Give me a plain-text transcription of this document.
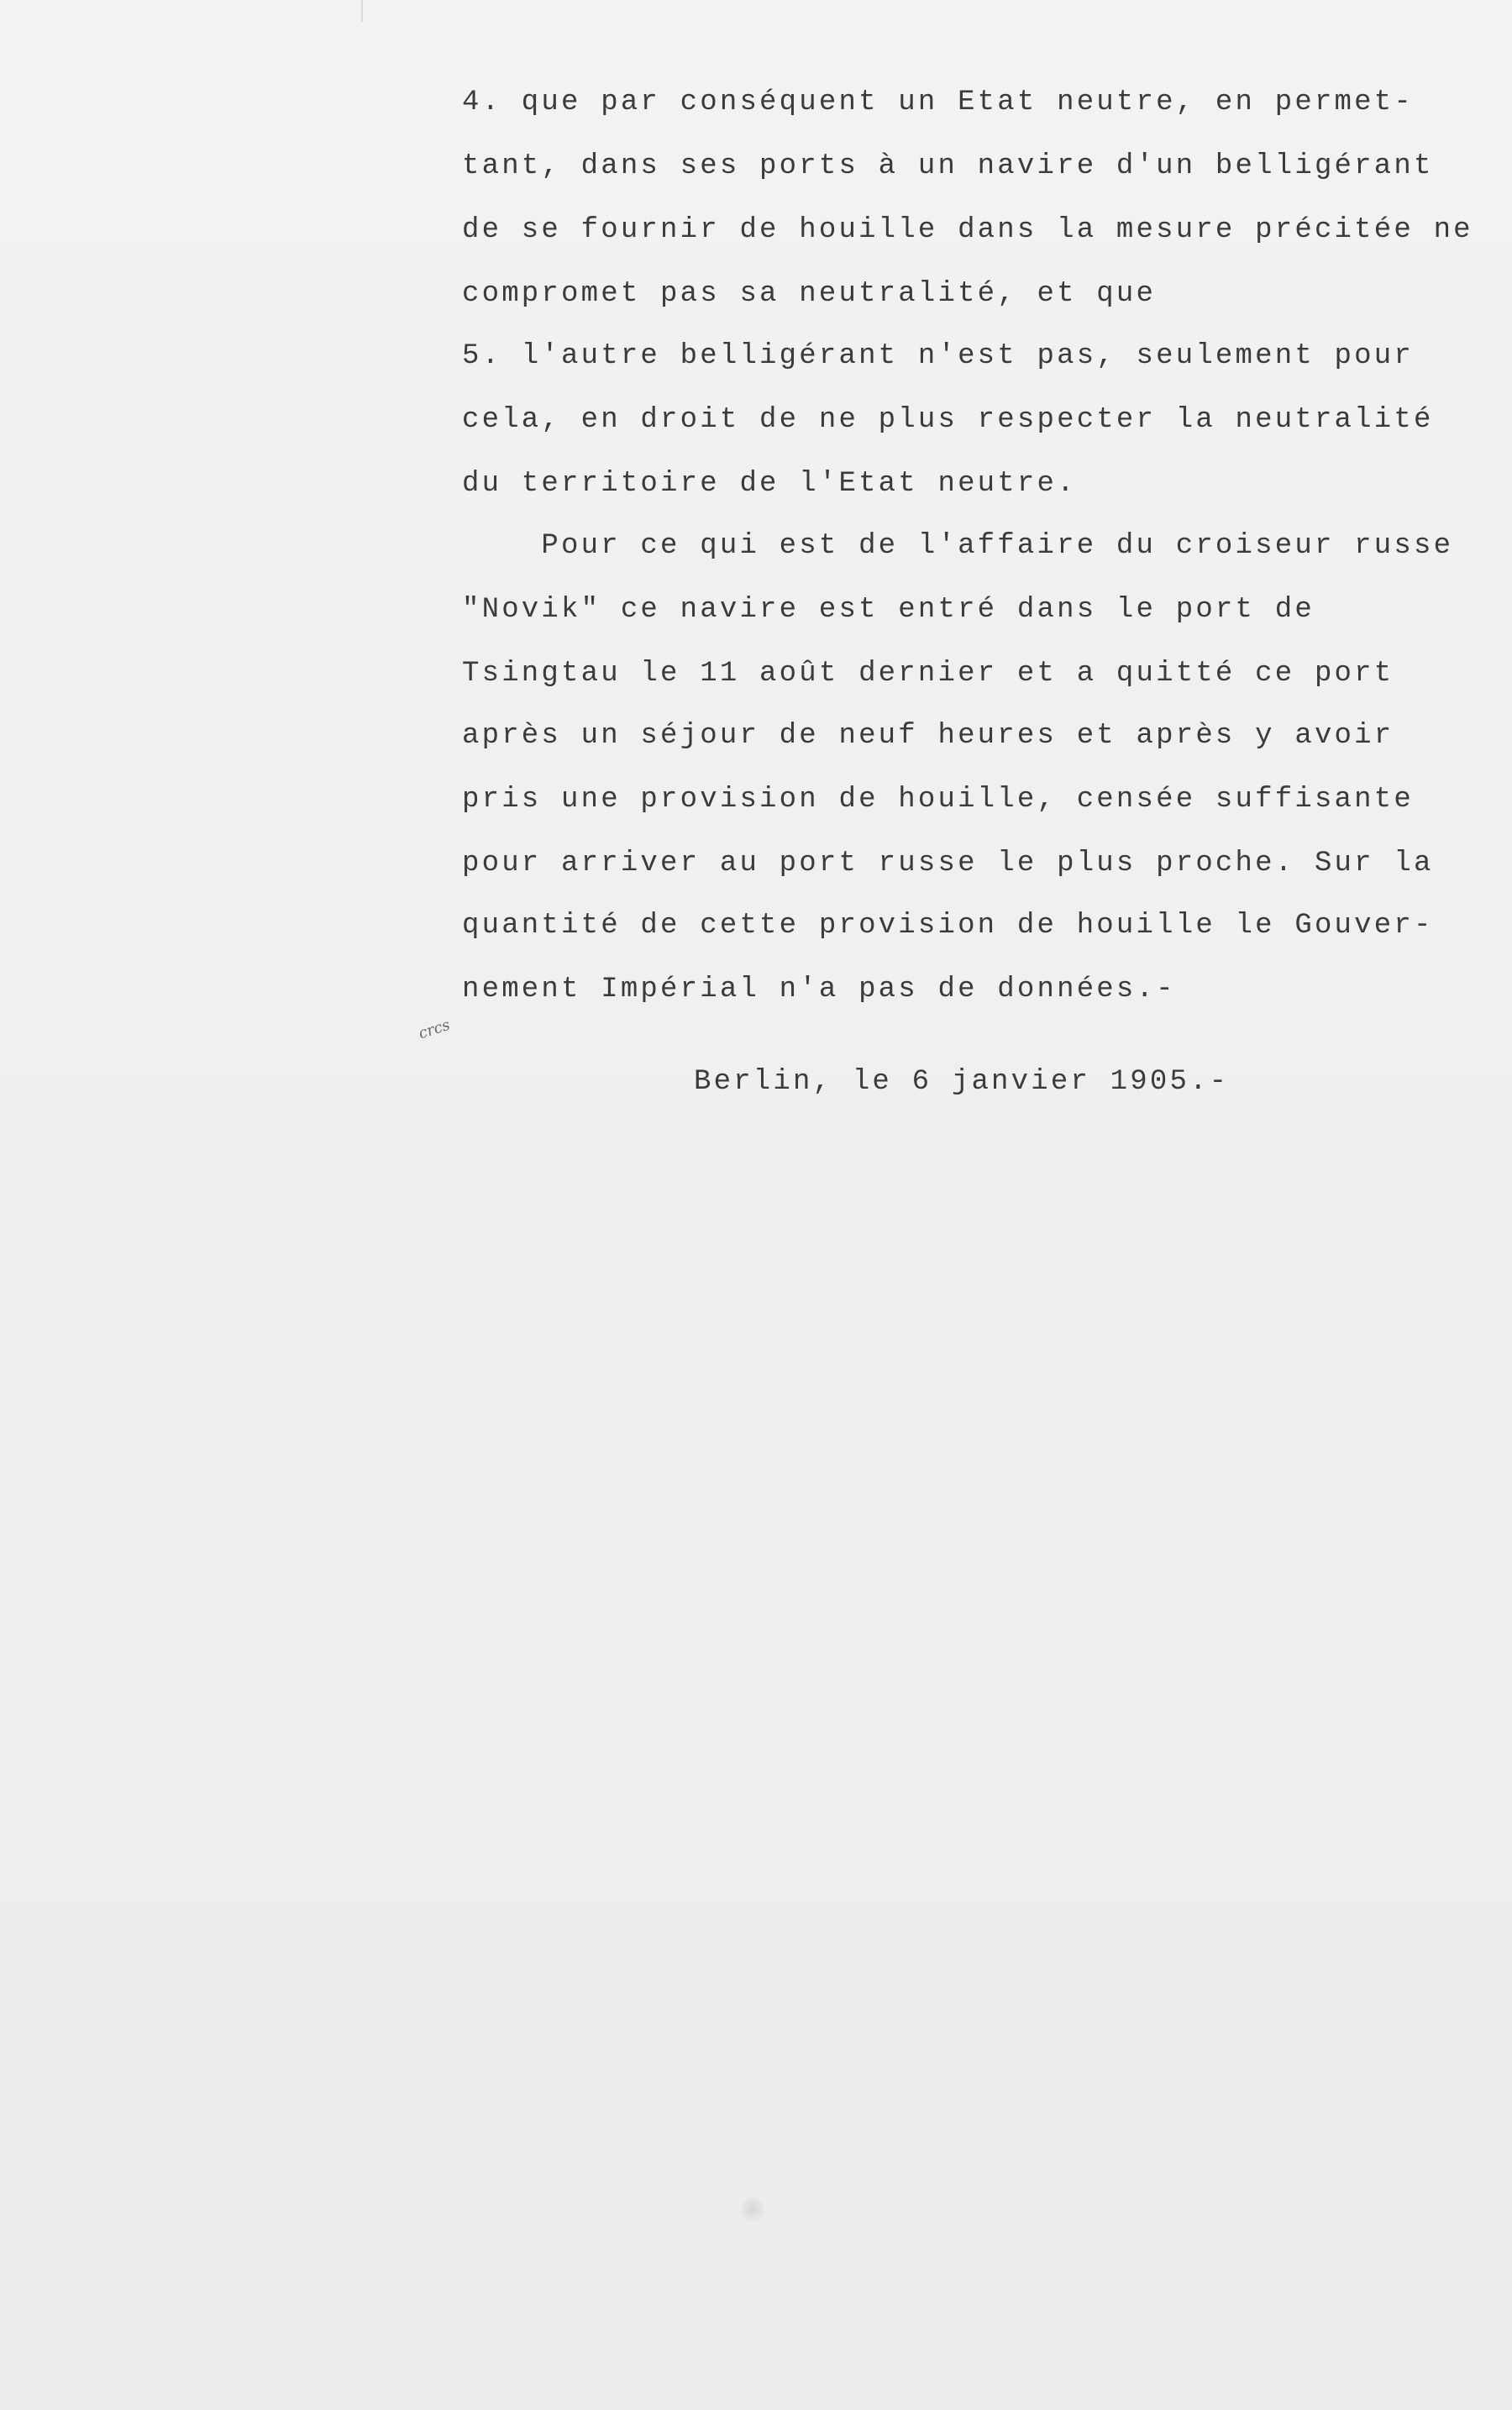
4. que par conséquent un Etat neutre, en permet-
tant, dans ses ports à un navire d'un belligérant
de se fournir de houille dans la mesure précitée ne
compromet pas sa neutralité, et que
5. l'autre belligérant n'est pas, seulement pour
cela, en droit de ne plus respecter la neutralité
du territoire de l'Etat neutre.
Pour ce qui est de l'affaire du croiseur russe
"Novik" ce navire est entré dans le port de
Tsingtau le 11 août dernier et a quitté ce port
après un séjour de neuf heures et après y avoir
pris une provision de houille, censée suffisante
pour arriver au port russe le plus proche. Sur la
quantité de cette provision de houille le Gouver-
nement Impérial n'a pas de données.-
crcs
Berlin, le 6 janvier 1905.-
